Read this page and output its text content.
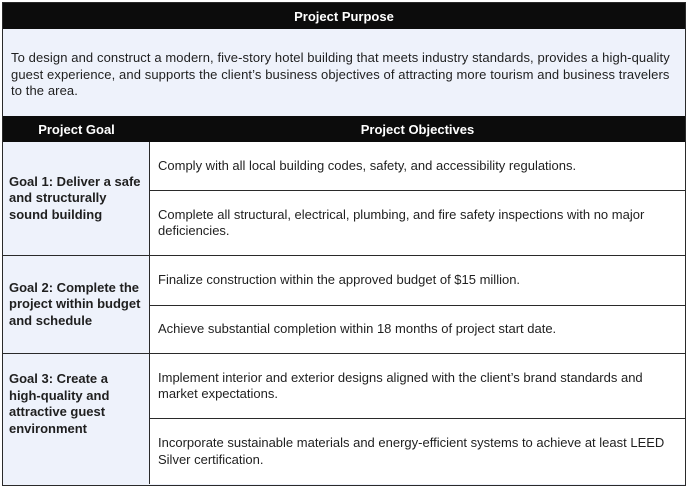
Project Purpose
To design and construct a modern, five-story hotel building that meets industry standards, provides a high-quality guest experience, and supports the client’s business objectives of attracting more tourism and business travelers to the area.
Project Goal	Project Objectives
Goal 1: Deliver a safe and structurally sound building
Comply with all local building codes, safety, and accessibility regulations.
Complete all structural, electrical, plumbing, and fire safety inspections with no major deficiencies.
Goal 2: Complete the project within budget and schedule
Finalize construction within the approved budget of $15 million.
Achieve substantial completion within 18 months of project start date.
Goal 3: Create a high-quality and attractive guest environment
Implement interior and exterior designs aligned with the client’s brand standards and market expectations.
Incorporate sustainable materials and energy-efficient systems to achieve at least LEED Silver certification.
